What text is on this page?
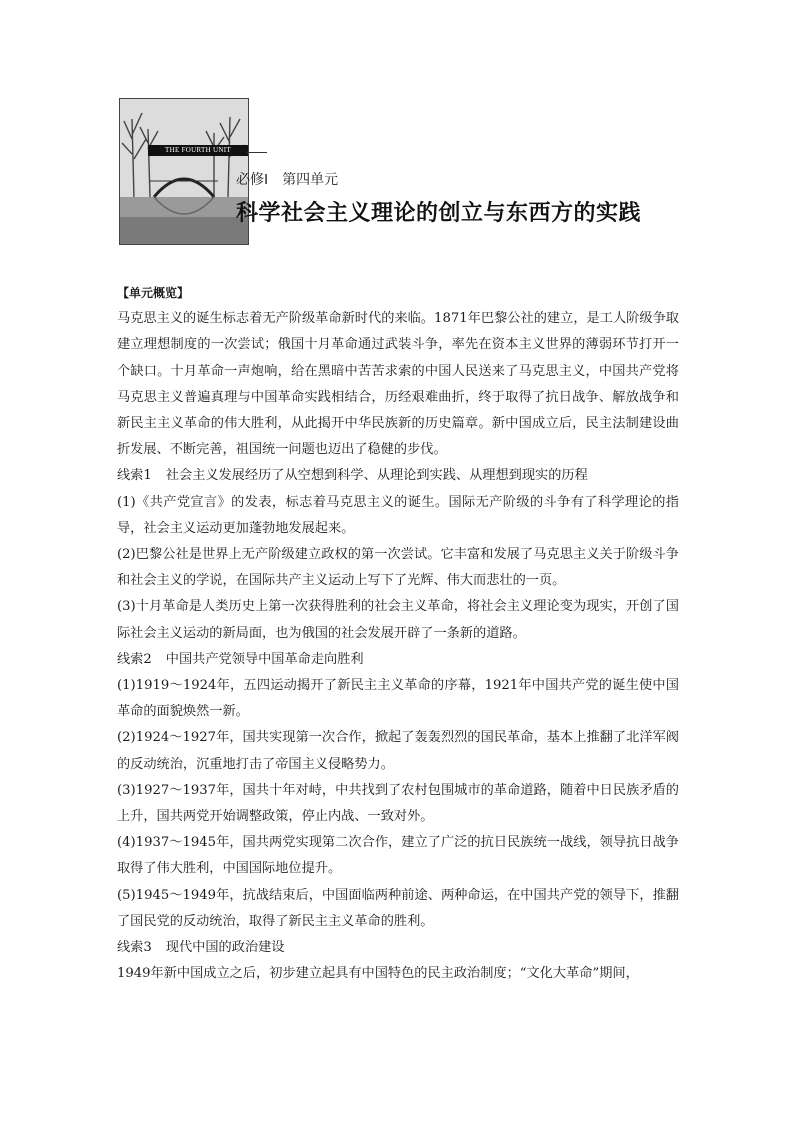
THE FOURTH UNIT
必修Ⅰ 第四单元
科学社会主义理论的创立与东西方的实践

【单元概览】

马克思主义的诞生标志着无产阶级革命新时代的来临。1871年巴黎公社的建立，是工人阶级争取建立理想制度的一次尝试；俄国十月革命通过武装斗争，率先在资本主义世界的薄弱环节打开一个缺口。十月革命一声炮响，给在黑暗中苦苦求索的中国人民送来了马克思主义，中国共产党将马克思主义普遍真理与中国革命实践相结合，历经艰难曲折，终于取得了抗日战争、解放战争和新民主主义革命的伟大胜利，从此揭开中华民族新的历史篇章。新中国成立后，民主法制建设曲折发展、不断完善，祖国统一问题也迈出了稳健的步伐。

线索1 社会主义发展经历了从空想到科学、从理论到实践、从理想到现实的历程

(1)《共产党宣言》的发表，标志着马克思主义的诞生。国际无产阶级的斗争有了科学理论的指导，社会主义运动更加蓬勃地发展起来。

(2)巴黎公社是世界上无产阶级建立政权的第一次尝试。它丰富和发展了马克思主义关于阶级斗争和社会主义的学说，在国际共产主义运动上写下了光辉、伟大而悲壮的一页。

(3)十月革命是人类历史上第一次获得胜利的社会主义革命，将社会主义理论变为现实，开创了国际社会主义运动的新局面，也为俄国的社会发展开辟了一条新的道路。

线索2 中国共产党领导中国革命走向胜利

(1)1919～1924年，五四运动揭开了新民主主义革命的序幕，1921年中国共产党的诞生使中国革命的面貌焕然一新。

(2)1924～1927年，国共实现第一次合作，掀起了轰轰烈烈的国民革命，基本上推翻了北洋军阀的反动统治，沉重地打击了帝国主义侵略势力。

(3)1927～1937年，国共十年对峙，中共找到了农村包围城市的革命道路，随着中日民族矛盾的上升，国共两党开始调整政策，停止内战、一致对外。

(4)1937～1945年，国共两党实现第二次合作，建立了广泛的抗日民族统一战线，领导抗日战争取得了伟大胜利，中国国际地位提升。

(5)1945～1949年，抗战结束后，中国面临两种前途、两种命运，在中国共产党的领导下，推翻了国民党的反动统治，取得了新民主主义革命的胜利。

线索3 现代中国的政治建设

1949年新中国成立之后，初步建立起具有中国特色的民主政治制度；“文化大革命”期间，
